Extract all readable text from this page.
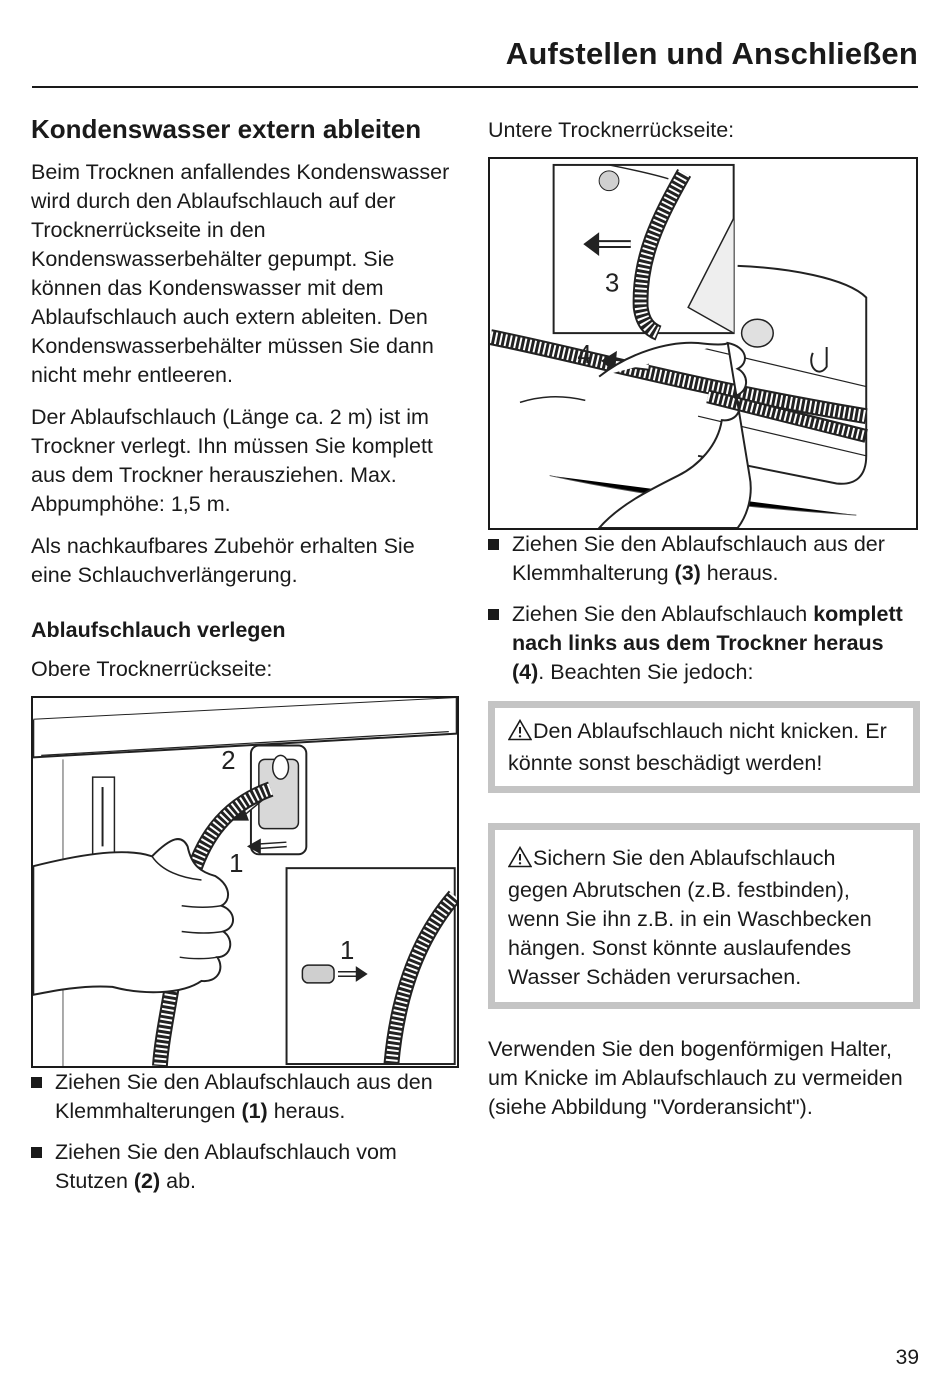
Aufstellen und Anschließen
Kondenswasser extern ableiten

Beim Trocknen anfallendes Kondenswasser wird durch den Ablaufschlauch auf der Trocknerrückseite in den Kondenswasserbehälter gepumpt. Sie können das Kondenswasser mit dem Ablaufschlauch auch extern ableiten. Den Kondenswasserbehälter müssen Sie dann nicht mehr entleeren.

Der Ablaufschlauch (Länge ca. 2 m) ist im Trockner verlegt. Ihn müssen Sie komplett aus dem Trockner herausziehen. Max. Abpumphöhe: 1,5 m.

Als nachkaufbares Zubehör erhalten Sie eine Schlauchverlängerung.

Ablaufschlauch verlegen

Obere Trocknerrückseite:

2
1
1
Ziehen Sie den Ablaufschlauch aus den Klemmhalterungen (1) heraus.
Ziehen Sie den Ablaufschlauch vom Stutzen (2) ab.

Untere Trocknerrückseite:

3
4
Ziehen Sie den Ablaufschlauch aus der Klemmhalterung (3) heraus.
Ziehen Sie den Ablaufschlauch komplett nach links aus dem Trockner heraus (4). Beachten Sie jedoch:
Den Ablaufschlauch nicht knicken. Er könnte sonst beschädigt werden!
Sichern Sie den Ablaufschlauch gegen Abrutschen (z.B. festbinden), wenn Sie ihn z.B. in ein Waschbecken hängen. Sonst könnte auslaufendes Wasser Schäden verursachen.

Verwenden Sie den bogenförmigen Halter, um Knicke im Ablaufschlauch zu vermeiden (siehe Abbildung "Vorderansicht").

39
